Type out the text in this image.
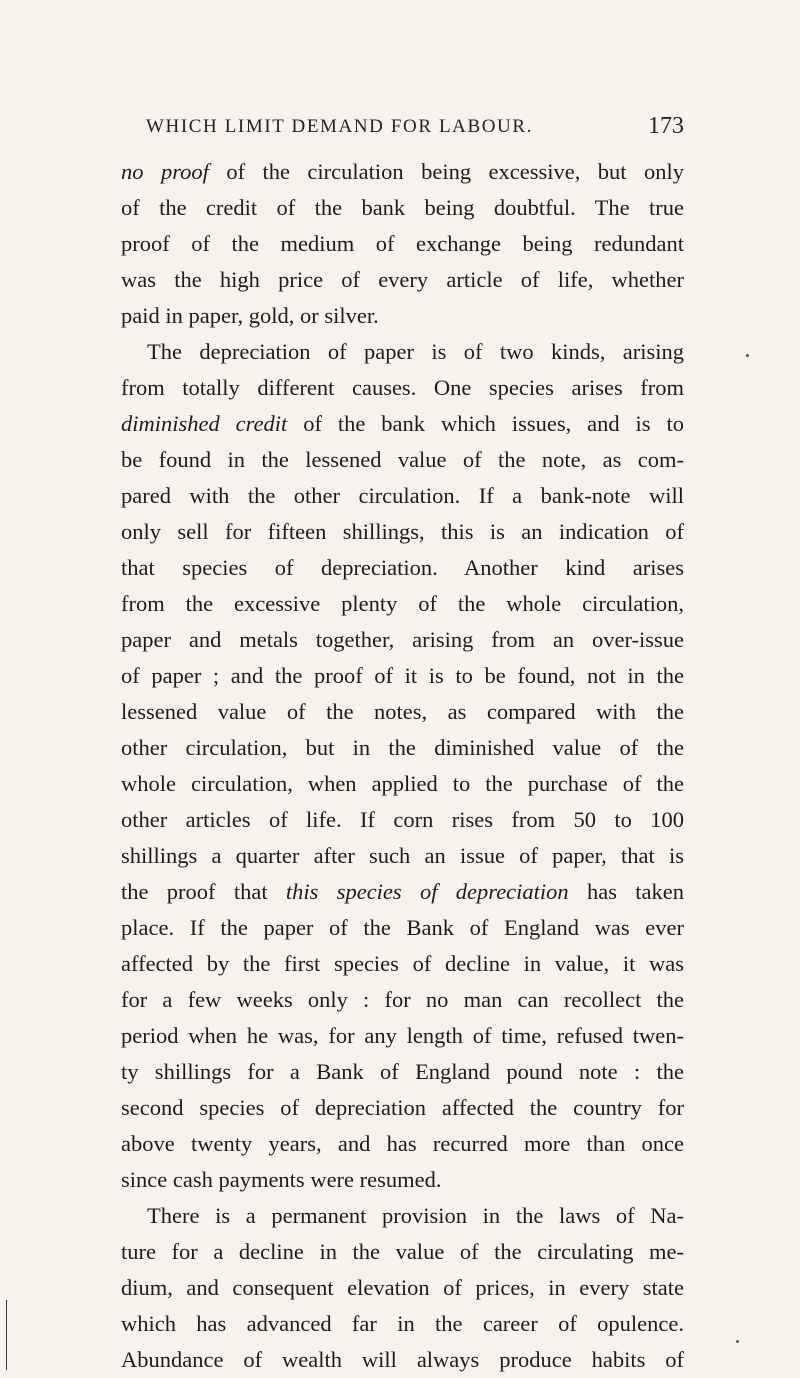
WHICH LIMIT DEMAND FOR LABOUR.	173
no proof of the circulation being excessive, but only
of the credit of the bank being doubtful. The true
proof of the medium of exchange being redundant
was the high price of every article of life, whether
paid in paper, gold, or silver.
The depreciation of paper is of two kinds, arising
from totally different causes. One species arises from
diminished credit of the bank which issues, and is to
be found in the lessened value of the note, as com-
pared with the other circulation. If a bank-note will
only sell for fifteen shillings, this is an indication of
that species of depreciation. Another kind arises
from the excessive plenty of the whole circulation,
paper and metals together, arising from an over-issue
of paper ; and the proof of it is to be found, not in the
lessened value of the notes, as compared with the
other circulation, but in the diminished value of the
whole circulation, when applied to the purchase of the
other articles of life. If corn rises from 50 to 100
shillings a quarter after such an issue of paper, that is
the proof that this species of depreciation has taken
place. If the paper of the Bank of England was ever
affected by the first species of decline in value, it was
for a few weeks only : for no man can recollect the
period when he was, for any length of time, refused twen-
ty shillings for a Bank of England pound note : the
second species of depreciation affected the country for
above twenty years, and has recurred more than once
since cash payments were resumed.
There is a permanent provision in the laws of Na-
ture for a decline in the value of the circulating me-
dium, and consequent elevation of prices, in every state
which has advanced far in the career of opulence.
Abundance of wealth will always produce habits of
